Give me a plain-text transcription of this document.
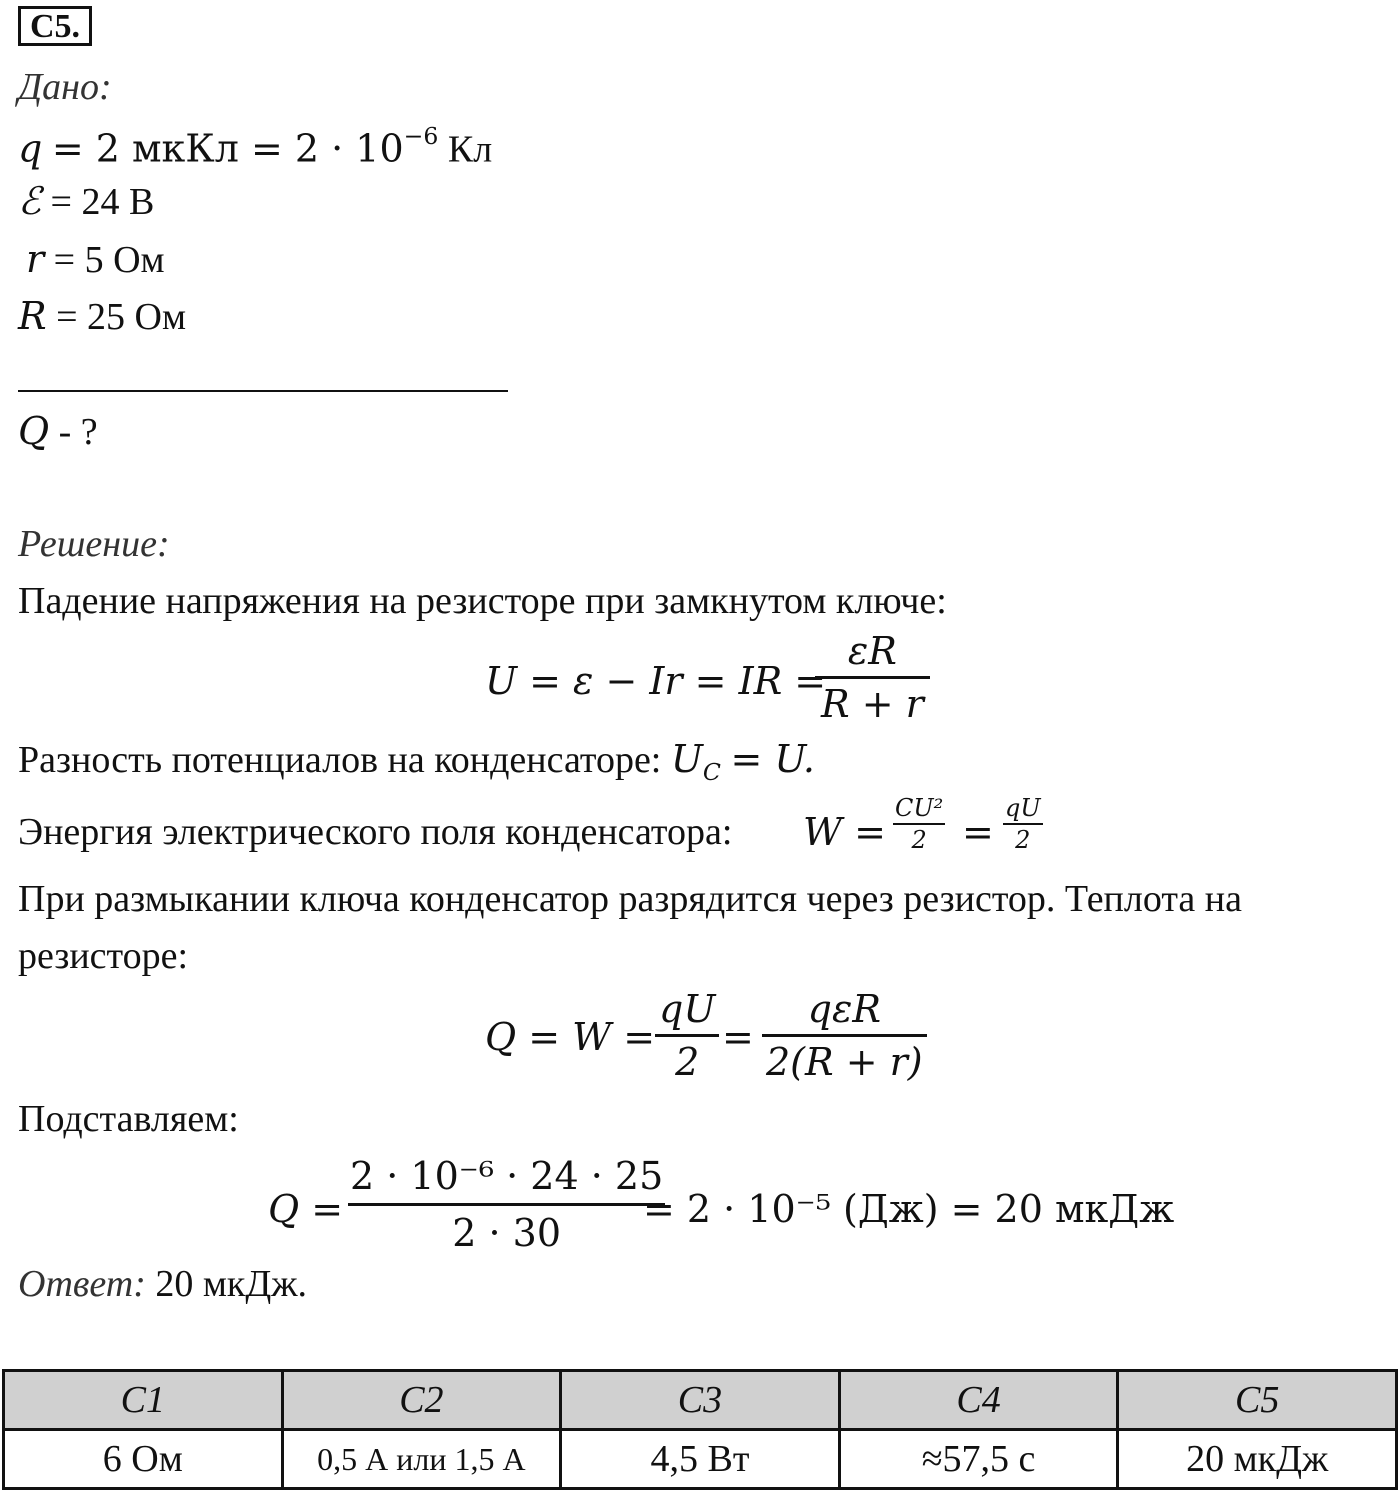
C5.
Дано:
q = 2 мкКл = $2 \cdot 10^{-6}$ Кл
ℰ = 24 В
r = 5 Ом
R = 25 Ом
Q - ?
Решение:
Падение напряжения на резисторе при замкнутом ключе:
U = ε − Ir = IR =
εR
R + r
Разность потенциалов на конденсаторе: $U_C = U$.
Энергия электрического поля конденсатора: W =
CU²
2 =
qU
2
При размыкании ключа конденсатор разрядится через резистор. Теплота на
резисторе:
Q = W =
qU
2
=
qεR
2(R + r)
Подставляем:
Q =
2 · 10⁻⁶ · 24 · 25
2 · 30
= 2 · 10⁻⁵ (Дж) = 20 мкДж
Ответ: 20 мкДж.
C1	C2	C3	C4	C5
6 Ом	0,5 А или 1,5 А	4,5 Вт	≈57,5 с	20 мкДж
